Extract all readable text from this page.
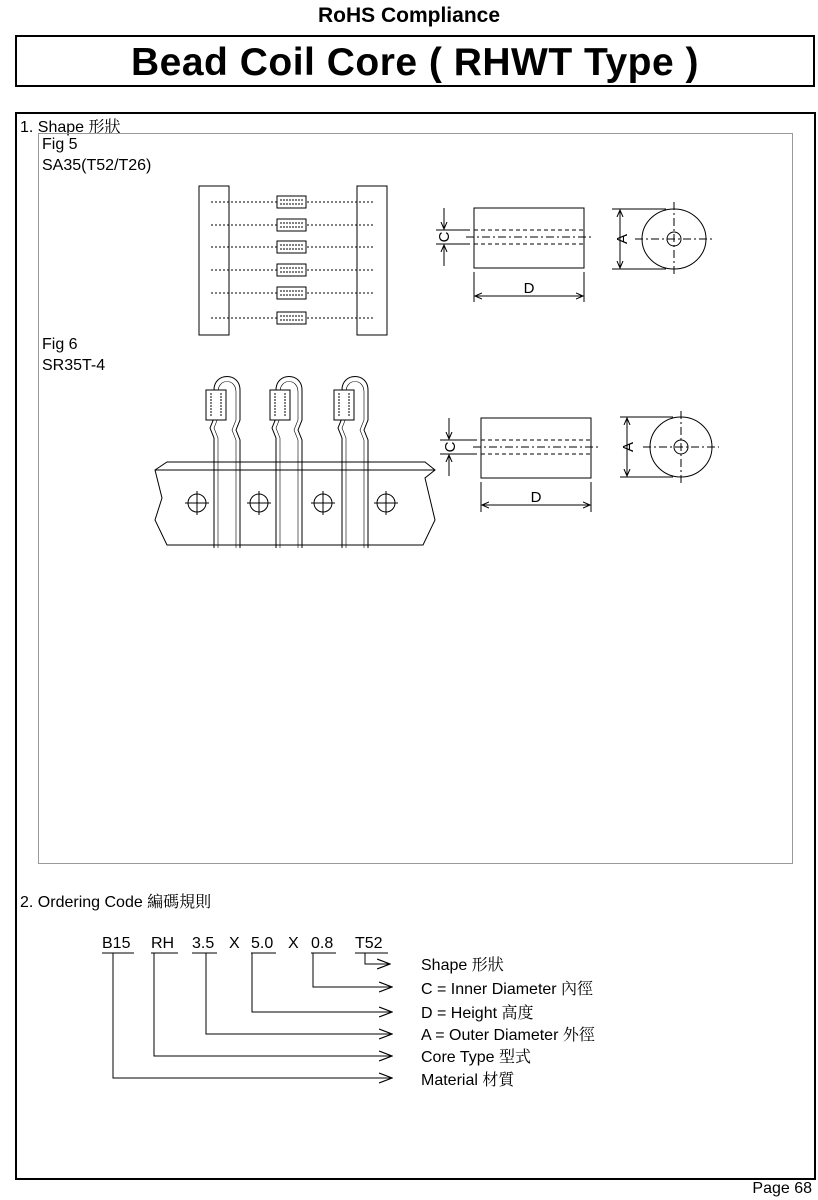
RoHS Compliance
Bead Coil Core ( RHWT Type )
1. Shape 形狀
Fig 5
SA35(T52/T26)
Fig 6
SR35T-4
C
D
A
C
D
A
B15 RH 3.5 X 5.0 X 0.8 T52
Shape 形狀
C = Inner Diameter 內徑
D = Height 高度
A = Outer Diameter 外徑
Core Type 型式
Material 材質
2. Ordering Code 編碼規則
Page 68
